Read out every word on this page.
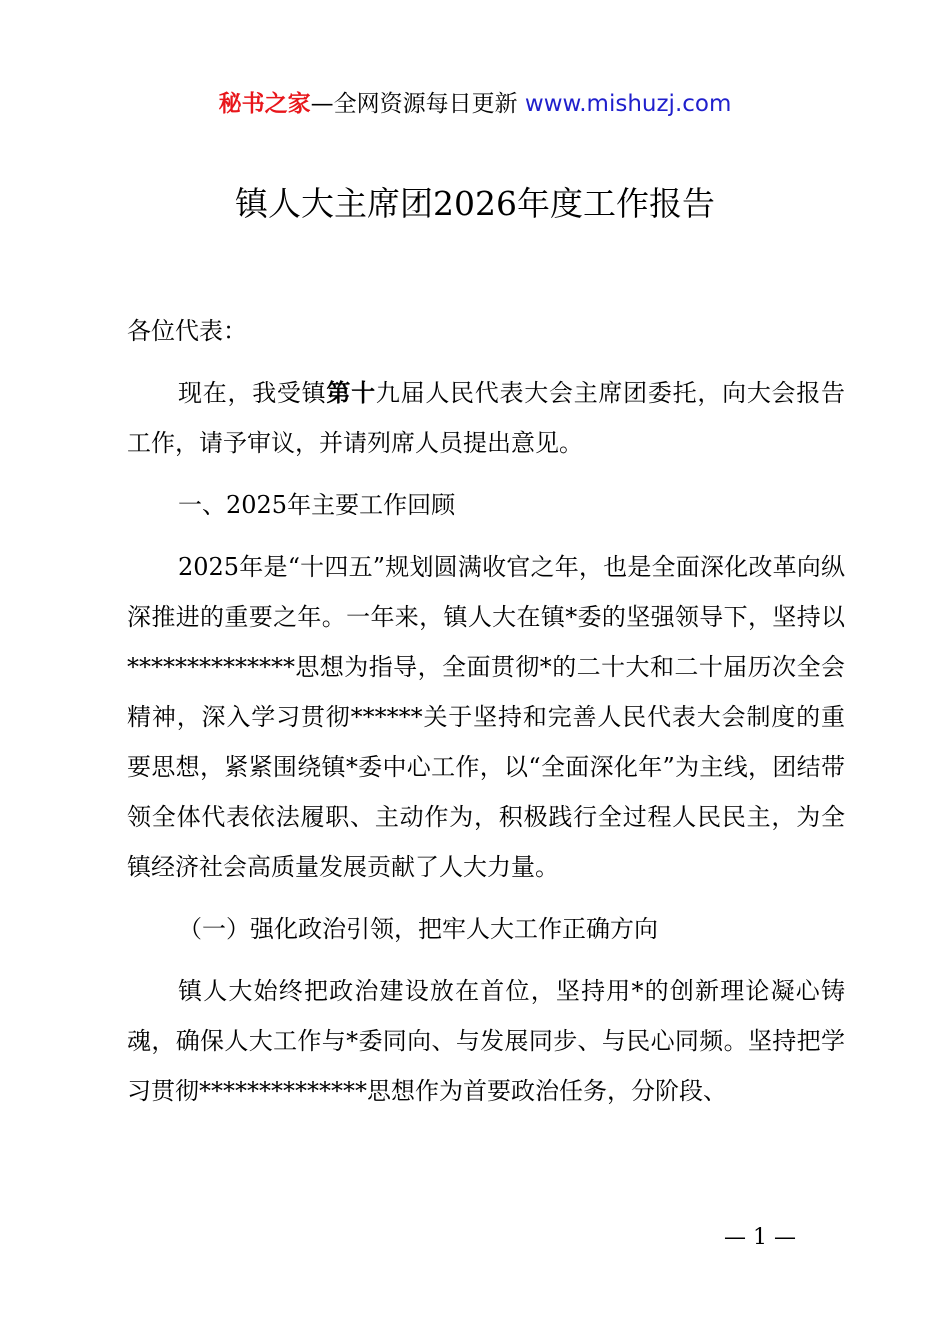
秘书之家—全网资源每日更新 www.mishuzj.com
镇人大主席团2026年度工作报告

各位代表：

现在，我受镇第十九届人民代表大会主席团委托，向大会报告工作，请予审议，并请列席人员提出意见。

一、2025年主要工作回顾

2025年是“十四五”规划圆满收官之年，也是全面深化改革向纵深推进的重要之年。一年来，镇人大在镇*委的坚强领导下，坚持以**************思想为指导，全面贯彻*的二十大和二十届历次全会精神，深入学习贯彻******关于坚持和完善人民代表大会制度的重要思想，紧紧围绕镇*委中心工作，以“全面深化年”为主线，团结带领全体代表依法履职、主动作为，积极践行全过程人民民主，为全镇经济社会高质量发展贡献了人大力量。

（一）强化政治引领，把牢人大工作正确方向

镇人大始终把政治建设放在首位，坚持用*的创新理论凝心铸魂，确保人大工作与*委同向、与发展同步、与民心同频。坚持把学习贯彻**************思想作为首要政治任务，分阶段、

— 1 —
